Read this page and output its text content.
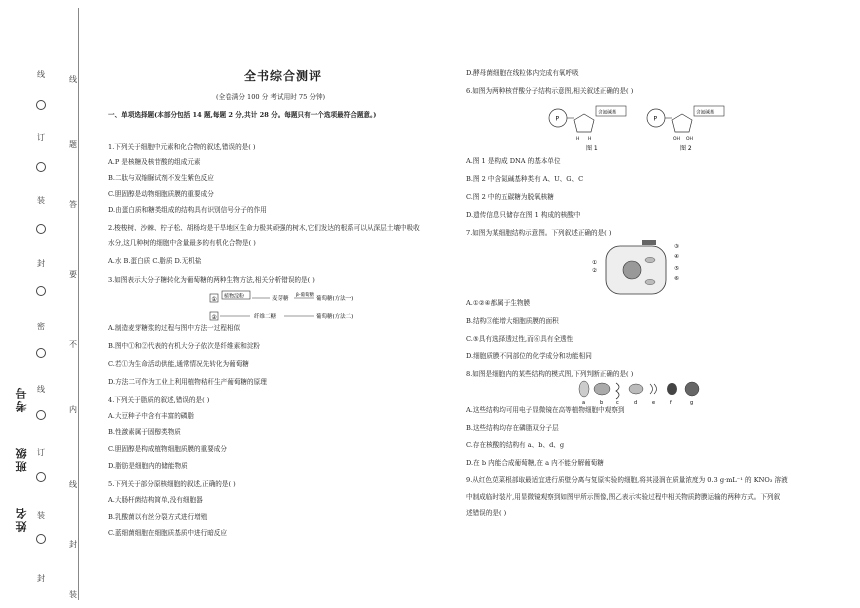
线
订
装
封
密
线
订
装
封
线
题
答
要
不
内
线
封
装
考号
班级
姓名
全书综合测评
(全卷满分 100 分 考试用时 75 分钟)
一、单项选择题(本部分包括 14 题,每题 2 分,共计 28 分。每题只有一个选项最符合题意。)
1.下列关于细胞中元素和化合物的叙述,错误的是( )
A.P 是核糖及核苷酸的组成元素
B.二肽与双缩脲试剂不发生紫色反应
C.胆固醇是动物细胞质膜的重要成分
D.由蛋白质和糖类组成的结构具有识别信号分子的作用
2.梭梭树、沙棘、柠子松、胡杨均是干旱地区生命力极其顽强的树木,它们发达的根系可以从深层土壤中吸收
水分,这几种树的细胞中含量最多的有机化合物是( )
A.水 B.蛋白质 C.脂质 D.无机盐
3.如图表示大分子糖转化为葡萄糖的两种生物方法,相关分析错误的是( )
A.制造麦芽糖浆的过程与图中方法一过程相似
B.图中①和②代表的有机大分子依次是纤维素和淀粉
C.若①为生命活动供能,通常情况先转化为葡萄糖
D.方法二可作为工业上利用植物秸秆生产葡萄糖的原理
4.下列关于脂质的叙述,错误的是( )
A.大豆种子中含有丰富的磷脂
B.性激素属于固醇类物质
C.胆固醇是构成植物细胞质膜的重要成分
D.脂肪是细胞内的储能物质
5.下列关于部分原核细胞的叙述,正确的是( )
A.大肠杆菌结构简单,没有细胞器
B.乳酸菌以有丝分裂方式进行增殖
C.蓝细菌细胞在细胞质基质中进行暗反应
① 植物淀粉	麦芽糖
β-葡萄糖
葡萄糖(方法一)
②	纤维二糖	葡萄糖(方法二)
D.酵母菌细胞在线粒体内完成有氧呼吸
6.如图为两种核苷酸分子结构示意图,相关叙述正确的是( )
A.图 1 是构成 DNA 的基本单位
B.图 2 中含氮碱基种类有 A、U、G、C
C.图 2 中的五碳糖为脱氧核糖
D.遗传信息只储存在图 1 构成的核酸中
7.如图为某细胞结构示意图。下列叙述正确的是( )
A.①②④都属于生物膜
B.结构③能增大细胞质膜的面积
C.⑤具有选择透过性,而⑥具有全透性
D.细胞质膜不同部位的化学成分和功能相同
8.如图是细胞内的某些结构的模式图,下列判断正确的是( )
A.这些结构均可用电子显微镜在高等植物细胞中观察到
B.这些结构均存在磷脂双分子层
C.存在核酸的结构有 a、b、d、g
D.在 b 内能合成葡萄糖,在 a 内不能分解葡萄糖
9.从红色苋菜根部取最适宜进行质壁分离与复原实验的细胞,将其浸润在质量浓度为 0.3 g·mL⁻¹ 的 KNO₃ 溶液
中制成临时装片,用显微镜观察到如图甲所示图像,图乙表示实验过程中相关物质跨膜运输的两种方式。下列叙
述错误的是( )
P
含氮碱基
H H
图 1
P
含氮碱基
OH OH
图 2
①
②
③
④
⑤
⑥
a	b	c	d	e	f	g
